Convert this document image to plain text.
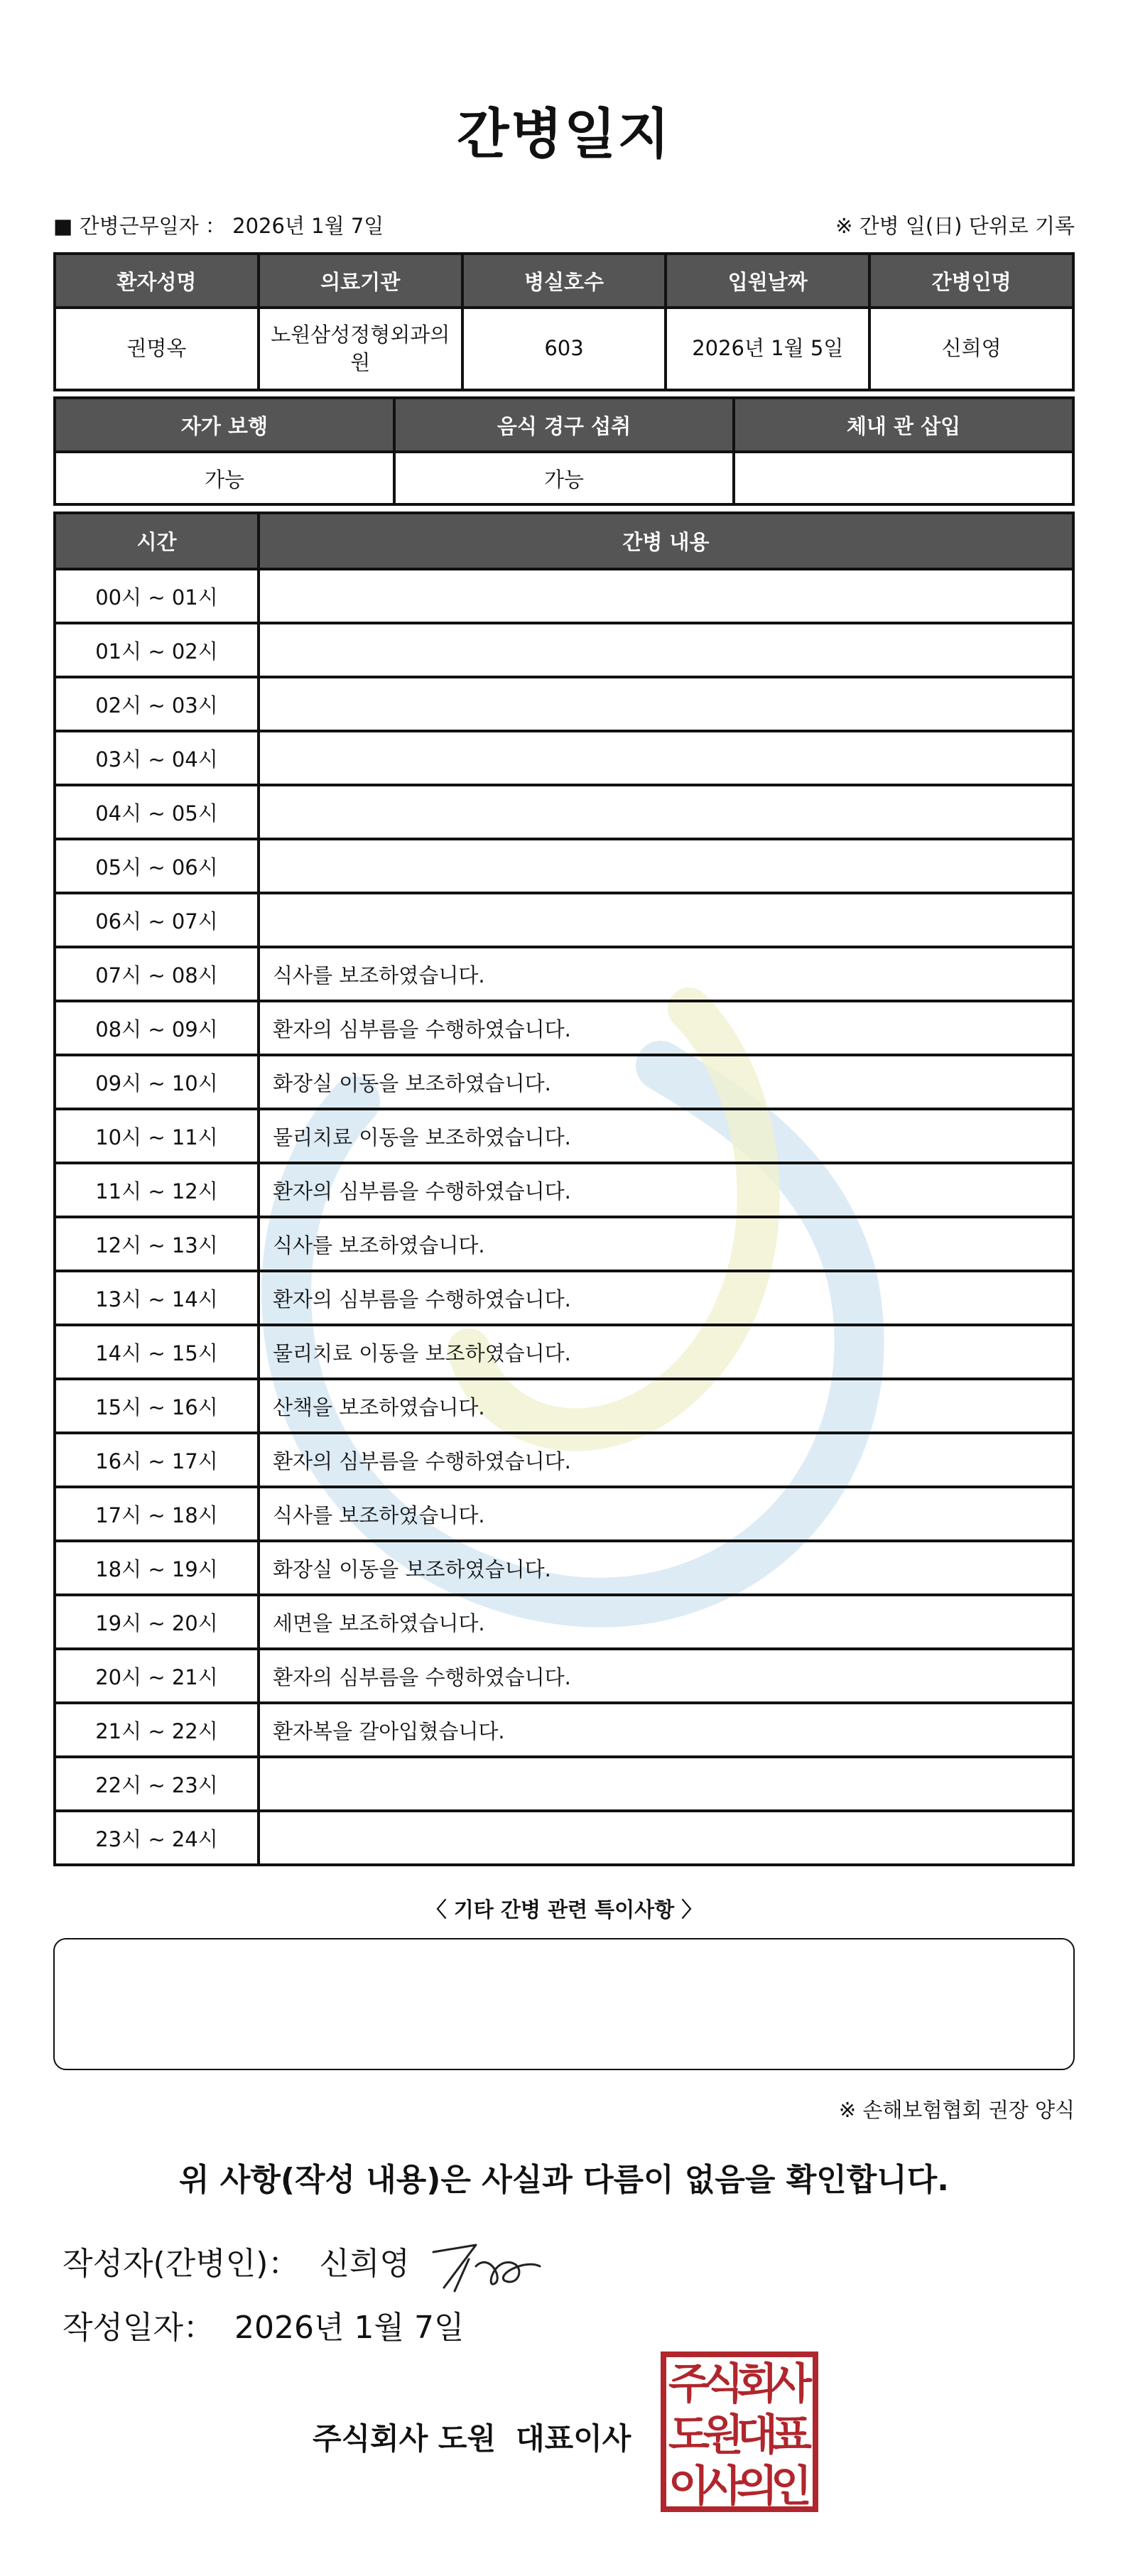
간병일지
■ 간병근무일자 ： 2026년 1월 7일	※ 간병 일(日) 단위로 기록
환자성명	의료기관	병실호수	입원날짜	간병인명
권명옥	노원삼성정형외과의원	603	2026년 1월 5일	신희영
자가 보행	음식 경구 섭취	체내 관 삽입
가능	가능	
시간	간병 내용
00시 ~ 01시	
01시 ~ 02시	
02시 ~ 03시	
03시 ~ 04시	
04시 ~ 05시	
05시 ~ 06시	
06시 ~ 07시	
07시 ~ 08시	식사를 보조하였습니다.
08시 ~ 09시	환자의 심부름을 수행하였습니다.
09시 ~ 10시	화장실 이동을 보조하였습니다.
10시 ~ 11시	물리치료 이동을 보조하였습니다.
11시 ~ 12시	환자의 심부름을 수행하였습니다.
12시 ~ 13시	식사를 보조하였습니다.
13시 ~ 14시	환자의 심부름을 수행하였습니다.
14시 ~ 15시	물리치료 이동을 보조하였습니다.
15시 ~ 16시	산책을 보조하였습니다.
16시 ~ 17시	환자의 심부름을 수행하였습니다.
17시 ~ 18시	식사를 보조하였습니다.
18시 ~ 19시	화장실 이동을 보조하였습니다.
19시 ~ 20시	세면을 보조하였습니다.
20시 ~ 21시	환자의 심부름을 수행하였습니다.
21시 ~ 22시	환자복을 갈아입혔습니다.
22시 ~ 23시	
23시 ~ 24시	
〈 기타 간병 관련 특이사항 〉
※ 손해보험협회 권장 양식
위 사항(작성 내용)은 사실과 다름이 없음을 확인합니다.
작성자(간병인)： 신희영
작성일자： 2026년 1월 7일
주식회사 도원 대표이사
주
식
회
사
도
원
대
표
이
사
의
인
